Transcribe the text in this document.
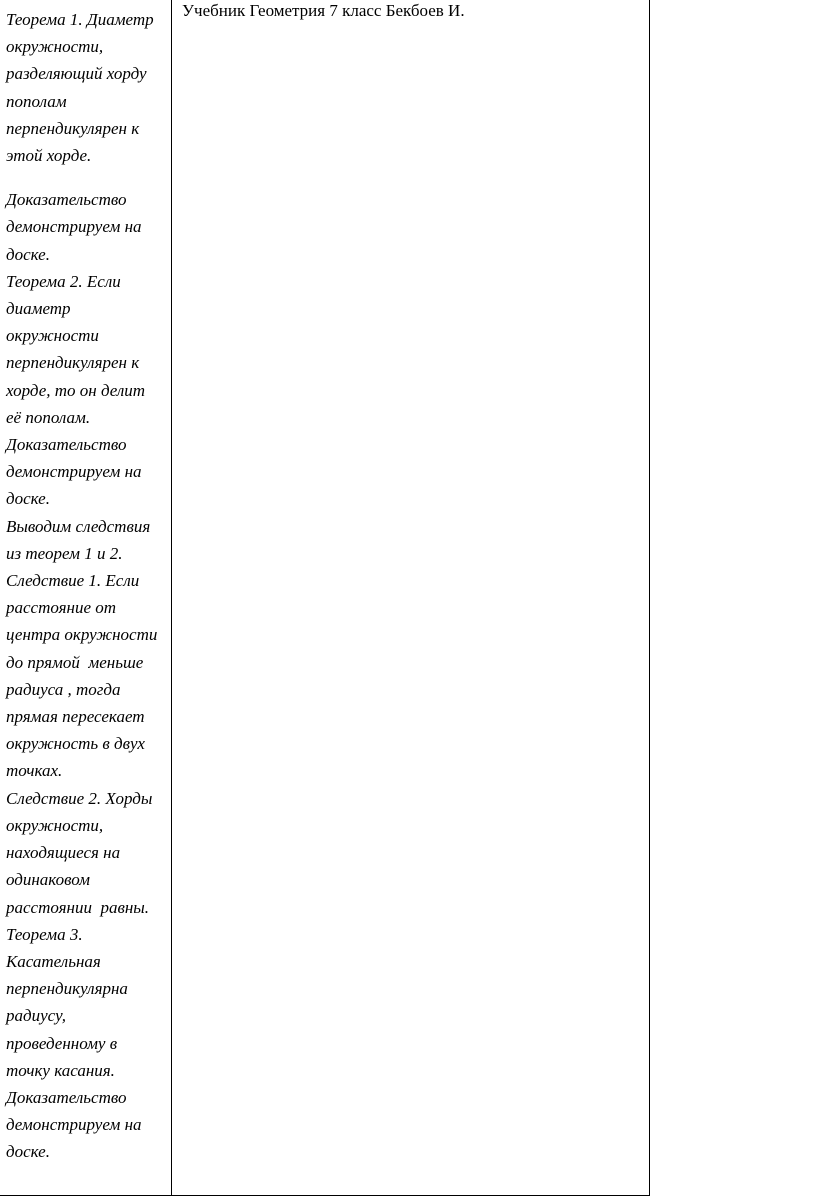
Теорема 1. Диаметр
окружности,
разделяющий хорду
пополам
перпендикулярен к
этой хорде.

Доказательство
демонстрируем на
доске.
Теорема 2. Если
диаметр
окружности
перпендикулярен к
хорде, то он делит
её пополам.
Доказательство
демонстрируем на
доске.
Выводим следствия
из теорем 1 и 2.
Следствие 1. Если
расстояние от
центра окружности
до прямой  меньше
радиуса , тогда
прямая пересекает
окружность в двух
точках.
Следствие 2. Хорды
окружности,
находящиеся на
одинаковом
расстоянии  равны.
Теорема 3.
Касательная
перпендикулярна
радиусу,
проведенному в
точку касания.
Доказательство
демонстрируем на
доске.

Учебник Геометрия 7 класс Бекбоев И.
